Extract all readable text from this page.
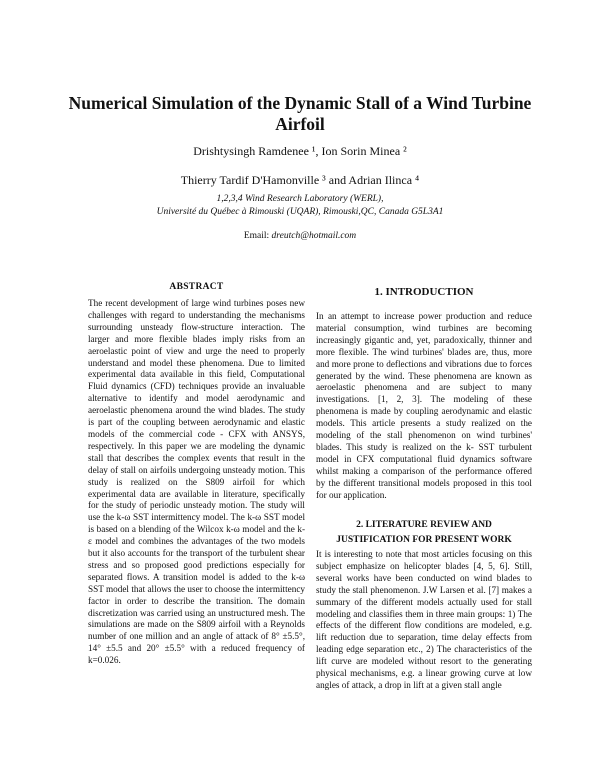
Numerical Simulation of the Dynamic Stall of a Wind Turbine Airfoil
Drishtysingh Ramdenee ¹, Ion Sorin Minea ²
Thierry Tardif D'Hamonville ³ and Adrian Ilinca ⁴
1,2,3,4 Wind Research Laboratory (WERL),
Université du Québec à Rimouski (UQAR), Rimouski,QC, Canada G5L3A1
Email: dreutch@hotmail.com
ABSTRACT

The recent development of large wind turbines poses new challenges with regard to understanding the mechanisms surrounding unsteady flow-structure interaction. The larger and more flexible blades imply risks from an aeroelastic point of view and urge the need to properly understand and model these phenomena. Due to limited experimental data available in this field, Computational Fluid dynamics (CFD) techniques provide an invaluable alternative to identify and model aerodynamic and aeroelastic phenomena around the wind blades. The study is part of the coupling between aerodynamic and elastic models of the commercial code - CFX with ANSYS, respectively. In this paper we are modeling the dynamic stall that describes the complex events that result in the delay of stall on airfoils undergoing unsteady motion. This study is realized on the S809 airfoil for which experimental data are available in literature, specifically for the study of periodic unsteady motion. The study will use the k-ω SST intermittency model. The k-ω SST model is based on a blending of the Wilcox k-ω model and the k-ε model and combines the advantages of the two models but it also accounts for the transport of the turbulent shear stress and so proposed good predictions especially for separated flows. A transition model is added to the k-ω SST model that allows the user to choose the intermittency factor in order to describe the transition. The domain discretization was carried using an unstructured mesh. The simulations are made on the S809 airfoil with a Reynolds number of one million and an angle of attack of 8° ±5.5°, 14° ±5.5 and 20° ±5.5° with a reduced frequency of k=0.026.

1. INTRODUCTION

In an attempt to increase power production and reduce material consumption, wind turbines are becoming increasingly gigantic and, yet, paradoxically, thinner and more flexible. The wind turbines' blades are, thus, more and more prone to deflections and vibrations due to forces generated by the wind. These phenomena are known as aeroelastic phenomena and are subject to many investigations. [1, 2, 3]. The modeling of these phenomena is made by coupling aerodynamic and elastic models. This article presents a study realized on the modeling of the stall phenomenon on wind turbines' blades. This study is realized on the k- SST turbulent model in CFX computational fluid dynamics software whilst making a comparison of the performance offered by the different transitional models proposed in this tool for our application.

2. LITERATURE REVIEW AND
JUSTIFICATION FOR PRESENT WORK

It is interesting to note that most articles focusing on this subject emphasize on helicopter blades [4, 5, 6]. Still, several works have been conducted on wind blades to study the stall phenomenon. J.W Larsen et al. [7] makes a summary of the different models actually used for stall modeling and classifies them in three main groups: 1) The effects of the different flow conditions are modeled, e.g. lift reduction due to separation, time delay effects from leading edge separation etc., 2) The characteristics of the lift curve are modeled without resort to the generating physical mechanisms, e.g. a linear growing curve at low angles of attack, a drop in lift at a given stall angle
